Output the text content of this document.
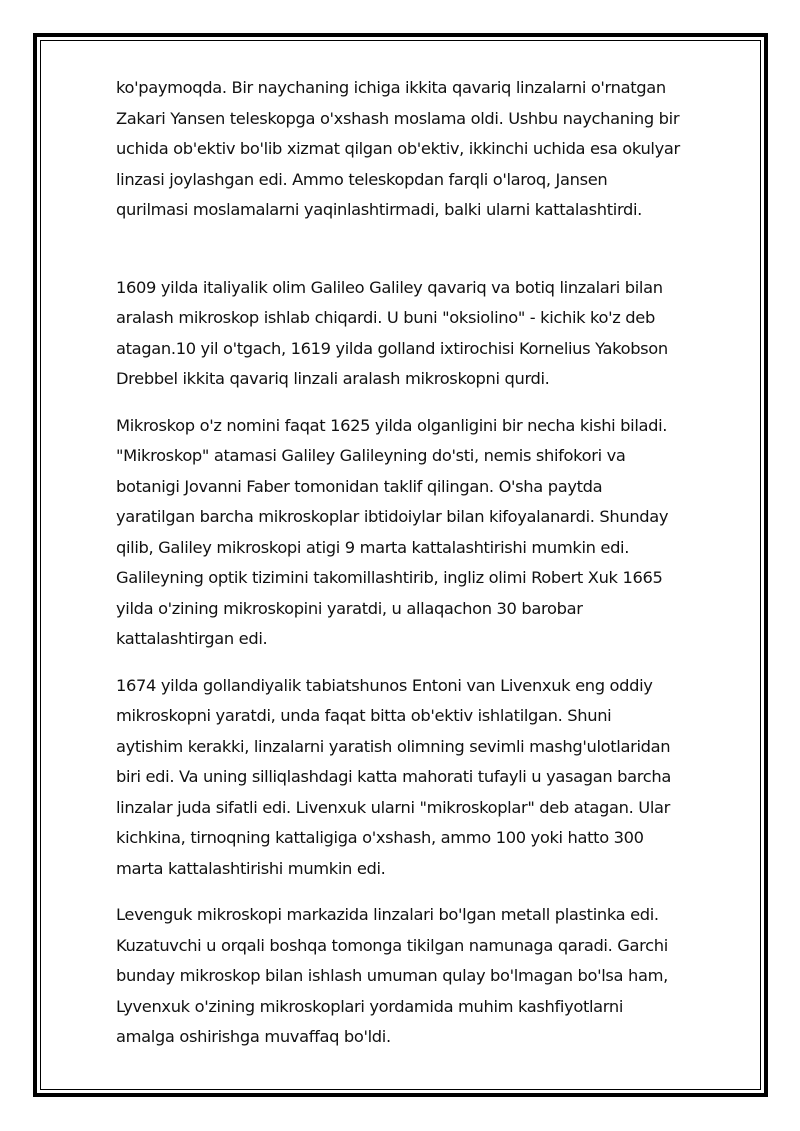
ko'paymoqda. Bir naychaning ichiga ikkita qavariq linzalarni o'rnatgan
Zakari Yansen teleskopga o'xshash moslama oldi. Ushbu naychaning bir
uchida ob'ektiv bo'lib xizmat qilgan ob'ektiv, ikkinchi uchida esa okulyar
linzasi joylashgan edi. Ammo teleskopdan farqli o'laroq, Jansen
qurilmasi moslamalarni yaqinlashtirmadi, balki ularni kattalashtirdi.

1609 yilda italiyalik olim Galileo Galiley qavariq va botiq linzalari bilan
aralash mikroskop ishlab chiqardi. U buni "oksiolino" - kichik ko'z deb
atagan.10 yil o'tgach, 1619 yilda golland ixtirochisi Kornelius Yakobson
Drebbel ikkita qavariq linzali aralash mikroskopni qurdi.

Mikroskop o'z nomini faqat 1625 yilda olganligini bir necha kishi biladi.
"Mikroskop" atamasi Galiley Galileyning do'sti, nemis shifokori va
botanigi Jovanni Faber tomonidan taklif qilingan. O'sha paytda
yaratilgan barcha mikroskoplar ibtidoiylar bilan kifoyalanardi. Shunday
qilib, Galiley mikroskopi atigi 9 marta kattalashtirishi mumkin edi.
Galileyning optik tizimini takomillashtirib, ingliz olimi Robert Xuk 1665
yilda o'zining mikroskopini yaratdi, u allaqachon 30 barobar
kattalashtirgan edi.

1674 yilda gollandiyalik tabiatshunos Entoni van Livenxuk eng oddiy
mikroskopni yaratdi, unda faqat bitta ob'ektiv ishlatilgan. Shuni
aytishim kerakki, linzalarni yaratish olimning sevimli mashg'ulotlaridan
biri edi. Va uning silliqlashdagi katta mahorati tufayli u yasagan barcha
linzalar juda sifatli edi. Livenxuk ularni "mikroskoplar" deb atagan. Ular
kichkina, tirnoqning kattaligiga o'xshash, ammo 100 yoki hatto 300
marta kattalashtirishi mumkin edi.

Levenguk mikroskopi markazida linzalari bo'lgan metall plastinka edi.
Kuzatuvchi u orqali boshqa tomonga tikilgan namunaga qaradi. Garchi
bunday mikroskop bilan ishlash umuman qulay bo'lmagan bo'lsa ham,
Lyvenxuk o'zining mikroskoplari yordamida muhim kashfiyotlarni
amalga oshirishga muvaffaq bo'ldi.
